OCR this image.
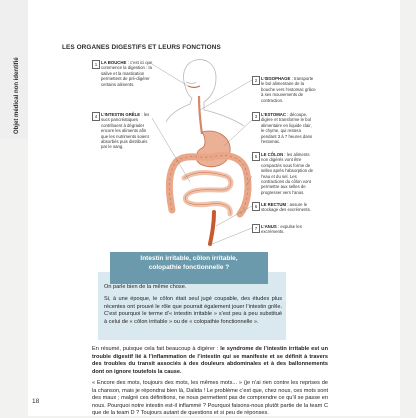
Objet médical non identifié
LES ORGANES DIGESTIFS ET LEURS FONCTIONS
1 LA BOUCHE : c’est ici que commence la digestion : la salive et la mastication permettent de pré-digérer certains aliments.
4 L’INTESTIN GRÊLE : les sucs pancréatiques contribuent à dégrader encore les aliments afin que les nutriments soient absorbés puis distribués par le sang.
2 L’ŒSOPHAGE : transporte le bol alimentaire de la bouche vers l’estomac grâce à ses mouvements de contraction.
3 L’ESTOMAC : découpe, digère et transforme le bol alimentaire en liquide clair, le chyme, qui restera pendant 3 à 7 heures dans l’estomac.
5 LE CÔLON : les aliments non digérés vont être compactés sous forme de selles après l’absorption de l’eau et du sel. Les contractions du côlon vont permettre aux selles de progresser vers l’anus.
6 LE RECTUM : assure le stockage des excréments.
7 L’ANUS : expulse les excréments.
Intestin irritable, côlon irritable,
colopathie fonctionnelle ?

On parle bien de la même chose.

Si, à une époque, le côlon était seul jugé coupable, des études plus récentes ont prouvé le rôle que pourrait également jouer l’intestin grêle. C’est pourquoi le terme d’« intestin irritable » s’est peu à peu substitué à celui de « côlon irritable » ou de « colopathie fonctionnelle ».

En résumé, puisque cela fait beaucoup à digérer : le syndrome de l’intestin irritable est un trouble digestif lié à l’inflammation de l’intestin qui se manifeste et se définit à travers des troubles du transit associés à des douleurs abdominales et à des ballonnements dont on ignore toutefois la cause.

« Encore des mots, toujours des mots, les mêmes mots... » (je n’ai rien contre les reprises de la chanson, mais je répondrai bien là, Dalida ! Le problème c’est que, chez nous, ces mots sont des maux ; malgré ces définitions, ne nous permettent pas de comprendre ce qu’il se passe en nous. Pourquoi notre intestin est-il inflammé ? Pourquoi faisons-nous plutôt partie de la team C que de la team D ? Toujours autant de questions et si peu de réponses.

18
